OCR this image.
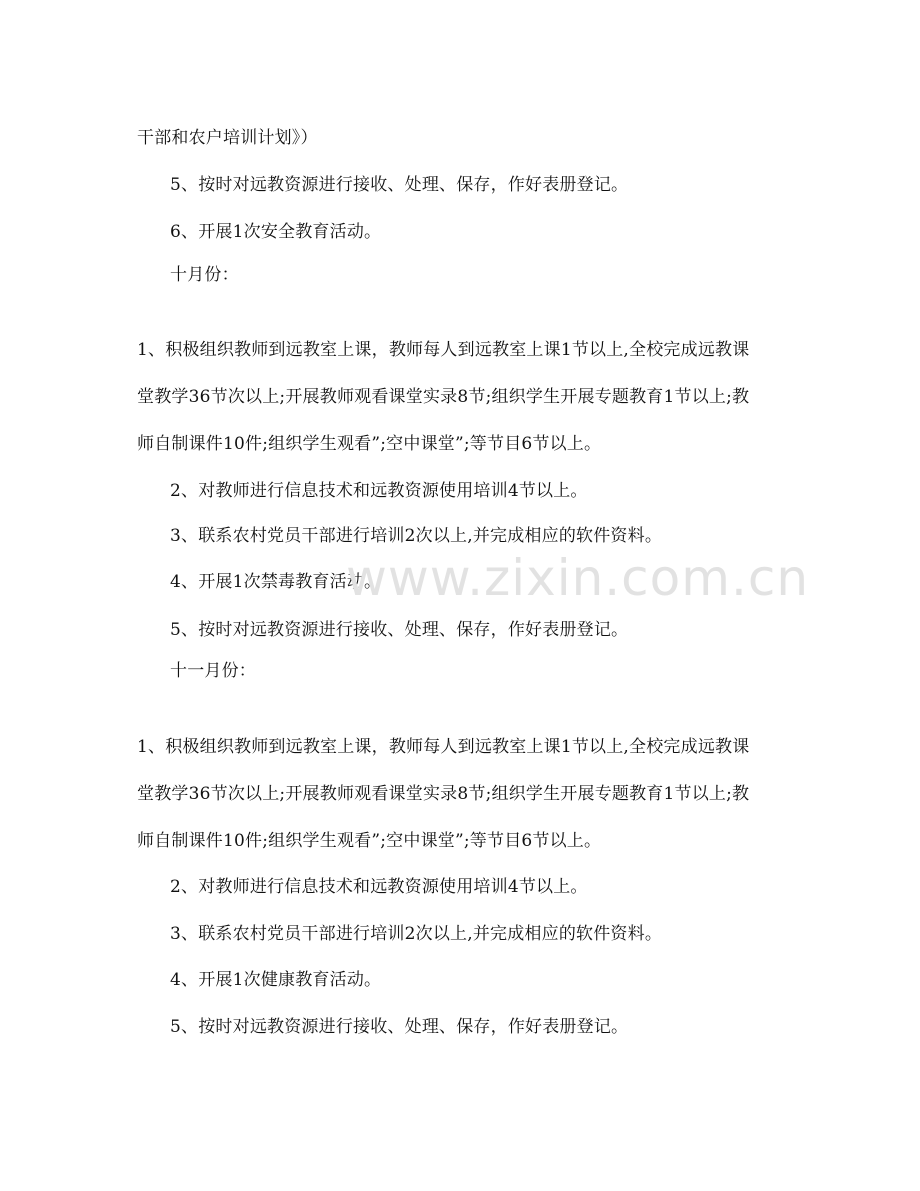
干部和农户培训计划》）
5、按时对远教资源进行接收、处理、保存，作好表册登记。
6、开展1次安全教育活动。
十月份：
1、积极组织教师到远教室上课，教师每人到远教室上课1节以上,全校完成远教课
堂教学36节次以上;开展教师观看课堂实录8节;组织学生开展专题教育1节以上;教
师自制课件10件;组织学生观看”;空中课堂”;等节目6节以上。
2、对教师进行信息技术和远教资源使用培训4节以上。
3、联系农村党员干部进行培训2次以上,并完成相应的软件资料。
4、开展1次禁毒教育活动。
5、按时对远教资源进行接收、处理、保存，作好表册登记。
十一月份：
1、积极组织教师到远教室上课，教师每人到远教室上课1节以上,全校完成远教课
堂教学36节次以上;开展教师观看课堂实录8节;组织学生开展专题教育1节以上;教
师自制课件10件;组织学生观看”;空中课堂”;等节目6节以上。
2、对教师进行信息技术和远教资源使用培训4节以上。
3、联系农村党员干部进行培训2次以上,并完成相应的软件资料。
4、开展1次健康教育活动。
5、按时对远教资源进行接收、处理、保存，作好表册登记。
www.zixin.com.cn
